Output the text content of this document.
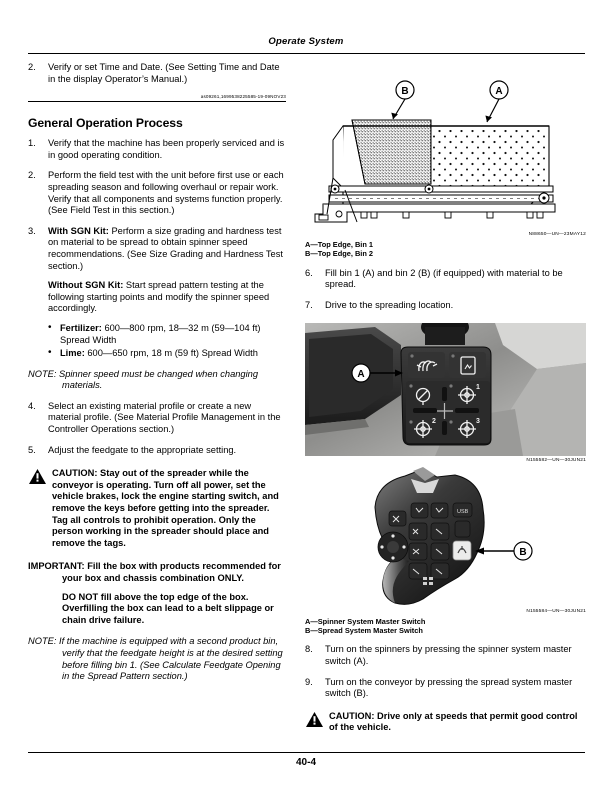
Operate System
2.	Verify or set Time and Date. (See Setting Time and Date in the display Operator’s Manual.)
as09261,1699538225585-19-09NOV23
General Operation Process
1.	Verify that the machine has been properly serviced and is in good operating condition.
2.	Perform the field test with the unit before first use or each spreading season and following overhaul or repair work. Verify that all components and systems function properly. (See Field Test in this section.)
3.	With SGN Kit: Perform a size grading and hardness test on material to be spread to obtain spinner speed recommendations. (See Size Grading and Hardness Test section.)
Without SGN Kit: Start spread pattern testing at the following starting points and modify the spinner speed accordingly.
• Fertilizer: 600—800 rpm, 18—32 m (59—104 ft) Spread Width
• Lime: 600—650 rpm, 18 m (59 ft) Spread Width
NOTE: Spinner speed must be changed when changing materials.
4.	Select an existing material profile or create a new material profile. (See Material Profile Management in the Controller Operations section.)
5.	Adjust the feedgate to the appropriate setting.
CAUTION: Stay out of the spreader while the conveyor is operating. Turn off all power, set the vehicle brakes, lock the engine starting switch, and remove the keys before getting into the spreader. Tag all controls to prohibit operation. Only the person working in the spreader should place and remove the tags.
IMPORTANT: Fill the box with products recommended for your box and chassis combination ONLY.
DO NOT fill above the top edge of the box. Overfilling the box can lead to a belt slippage or chain drive failure.
NOTE: If the machine is equipped with a second product bin, verify that the feedgate height is at the desired setting before filling bin 1. (See Calculate Feedgate Opening in the Spread Pattern section.)
B	A
N88650—UN—23MAY12
A—Top Edge, Bin 1
B—Top Edge, Bin 2
6.	Fill bin 1 (A) and bin 2 (B) (if equipped) with material to be spread.
7.	Drive to the spreading location.
1
2	3
A
N155582—UN—30JUN21
USB
B
N155584—UN—30JUN21
A—Spinner System Master Switch
B—Spread System Master Switch
8.	Turn on the spinners by pressing the spinner system master switch (A).
9.	Turn on the conveyor by pressing the spread system master switch (B).
CAUTION: Drive only at speeds that permit good control of the vehicle.
40-4
